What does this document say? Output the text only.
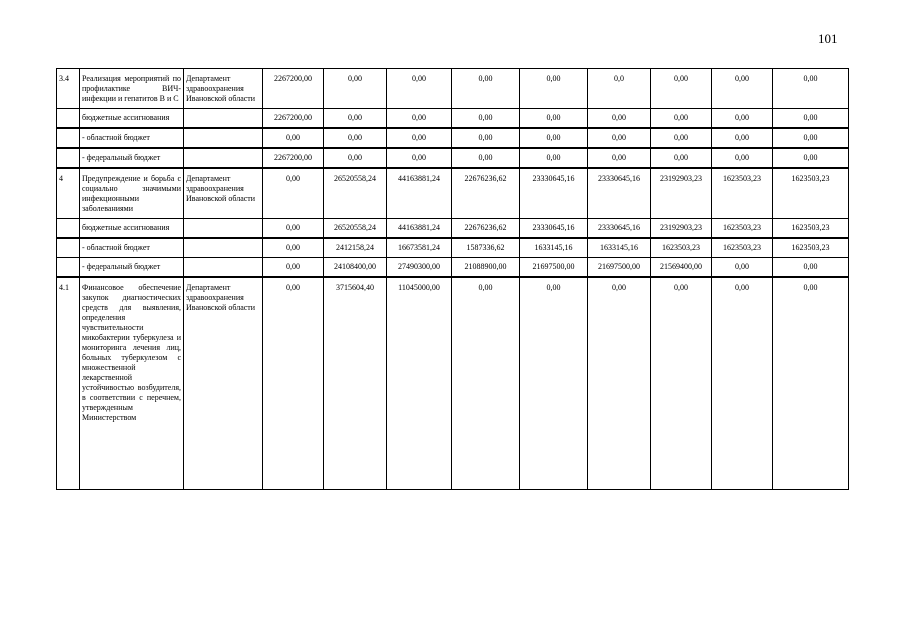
101
3.4	Реализация мероприятий по профилактике ВИЧ-инфекции и гепатитов В и С	Департамент здравоохранения Ивановской области	2267200,00	0,00	0,00	0,00	0,00	0,0	0,00	0,00	0,00
	бюджетные ассигнования		2267200,00	0,00	0,00	0,00	0,00	0,00	0,00	0,00	0,00
	- областной бюджет		0,00	0,00	0,00	0,00	0,00	0,00	0,00	0,00	0,00
	- федеральный бюджет		2267200,00	0,00	0,00	0,00	0,00	0,00	0,00	0,00	0,00
4	Предупреждение и борьба с социально значимыми инфекционными заболеваниями	Департамент здравоохранения Ивановской области	0,00	26520558,24	44163881,24	22676236,62	23330645,16	23330645,16	23192903,23	1623503,23	1623503,23
	бюджетные ассигнования		0,00	26520558,24	44163881,24	22676236,62	23330645,16	23330645,16	23192903,23	1623503,23	1623503,23
	- областной бюджет		0,00	2412158,24	16673581,24	1587336,62	1633145,16	1633145,16	1623503,23	1623503,23	1623503,23
	- федеральный бюджет		0,00	24108400,00	27490300,00	21088900,00	21697500,00	21697500,00	21569400,00	0,00	0,00
4.1	Финансовое обеспечение закупок диагностических средств для выявления, определения чувствительности микобактерии туберкулеза и мониторинга лечения лиц, больных туберкулезом с множественной лекарственной устойчивостью возбудителя, в соответствии с перечнем, утвержденным Министерством	Департамент здравоохранения Ивановской области	0,00	3715604,40	11045000,00	0,00	0,00	0,00	0,00	0,00	0,00
